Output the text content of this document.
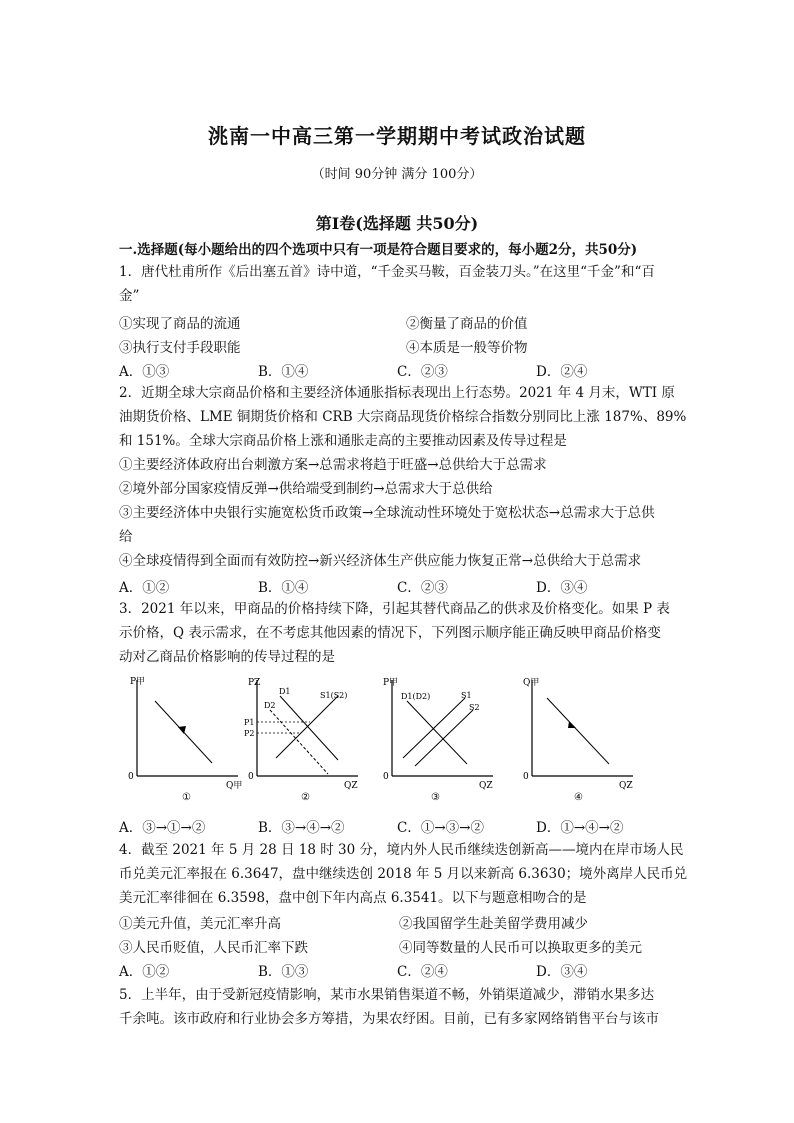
洮南一中高三第一学期期中考试政治试题
（时间 90分钟 满分 100分）
第Ⅰ卷(选择题 共50分)
一.选择题(每小题给出的四个选项中只有一项是符合题目要求的，每小题2分，共50分)
1．唐代杜甫所作《后出塞五首》诗中道，“千金买马鞍，百金装刀头。”在这里“千金”和“百
金”
①实现了商品的流通	②衡量了商品的价值
③执行支付手段职能	④本质是一般等价物
A．①③	B．①④	C．②③	D．②④
2．近期全球大宗商品价格和主要经济体通胀指标表现出上行态势。2021 年 4 月末，WTI 原
油期货价格、LME 铜期货价格和 CRB 大宗商品现货价格综合指数分别同比上涨 187%、89%
和 151%。全球大宗商品价格上涨和通胀走高的主要推动因素及传导过程是
①主要经济体政府出台刺激方案→总需求将趋于旺盛→总供给大于总需求
②境外部分国家疫情反弹→供给端受到制约→总需求大于总供给
③主要经济体中央银行实施宽松货币政策→全球流动性环境处于宽松状态→总需求大于总供
给
④全球疫情得到全面而有效防控→新兴经济体生产供应能力恢复正常→总供给大于总需求
A．①②	B．①④	C．②③	D．③④
3．2021 年以来，甲商品的价格持续下降，引起其替代商品乙的供求及价格变化。如果 P 表
示价格，Q 表示需求，在不考虑其他因素的情况下，下列图示顺序能正确反映甲商品价格变
动对乙商品价格影响的传导过程的是
P甲
0
Q甲
①
PZ
0
QZ
D1
D2
S1(S2)
P1
P2
②
P甲
0
QZ
D1(D2)	S1
S2
③
Q甲
0
QZ
④
A．③→①→②	B．③→④→②	C．①→③→②	D．①→④→②
4．截至 2021 年 5 月 28 日 18 时 30 分，境内外人民币继续迭创新高——境内在岸市场人民
币兑美元汇率报在 6.3647，盘中继续迭创 2018 年 5 月以来新高 6.3630；境外离岸人民币兑
美元汇率徘徊在 6.3598，盘中创下年内高点 6.3541。以下与题意相吻合的是
①美元升值，美元汇率升高	②我国留学生赴美留学费用减少
③人民币贬值，人民币汇率下跌	④同等数量的人民币可以换取更多的美元
A．①②	B．①③	C．②④	D．③④
5．上半年，由于受新冠疫情影响，某市水果销售渠道不畅，外销渠道减少，滞销水果多达
千余吨。该市政府和行业协会多方筹措，为果农纾困。目前，已有多家网络销售平台与该市
